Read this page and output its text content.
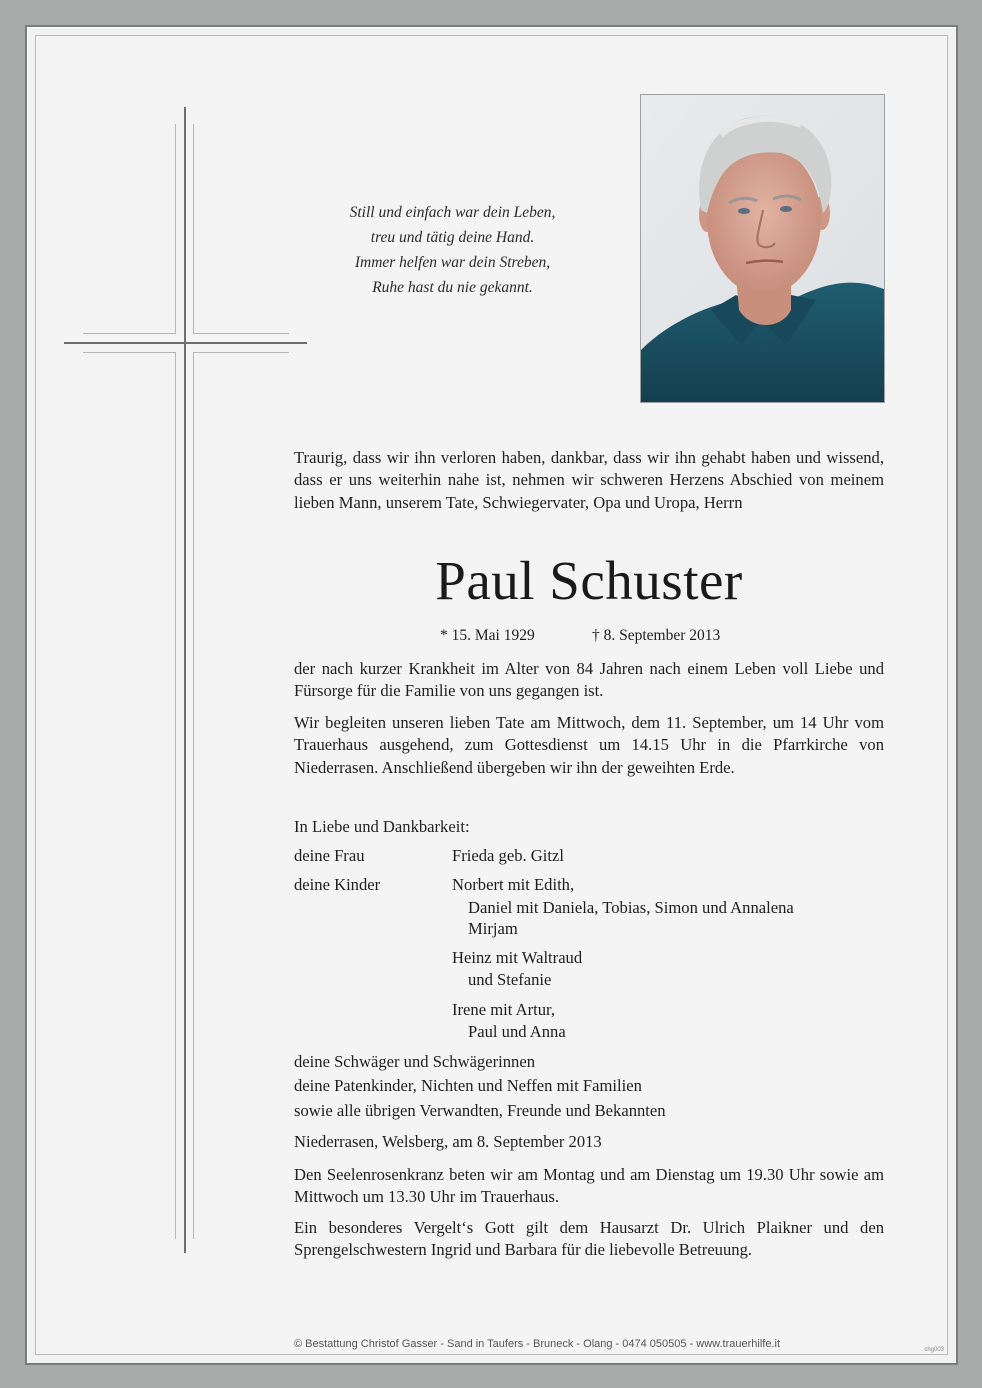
Still und einfach war dein Leben,
treu und tätig deine Hand.
Immer helfen war dein Streben,
Ruhe hast du nie gekannt.
Traurig, dass wir ihn verloren haben, dankbar, dass wir ihn gehabt haben und wissend, dass er uns weiterhin nahe ist, nehmen wir schweren Herzens Abschied von meinem lieben Mann, unserem Tate, Schwiegervater, Opa und Uropa, Herrn
Paul Schuster
* 15. Mai 1929	† 8. September 2013
der nach kurzer Krankheit im Alter von 84 Jahren nach einem Leben voll Liebe und Fürsorge für die Familie von uns gegangen ist.
Wir begleiten unseren lieben Tate am Mittwoch, dem 11. September, um 14 Uhr vom Trauerhaus ausgehend, zum Gottesdienst um 14.15 Uhr in die Pfarrkirche von Niederrasen. Anschließend übergeben wir ihn der geweihten Erde.
In Liebe und Dankbarkeit:
deine Frau	Frieda geb. Gitzl
deine Kinder	Norbert mit Edith,
Daniel mit Daniela, Tobias, Simon und Annalena
Mirjam
Heinz mit Waltraud
und Stefanie
Irene mit Artur,
Paul und Anna
deine Schwäger und Schwägerinnen
deine Patenkinder, Nichten und Neffen mit Familien
sowie alle übrigen Verwandten, Freunde und Bekannten
Niederrasen, Welsberg, am 8. September 2013
Den Seelenrosenkranz beten wir am Montag und am Dienstag um 19.30 Uhr sowie am Mittwoch um 13.30 Uhr im Trauerhaus.
Ein besonderes Vergelt‘s Gott gilt dem Hausarzt Dr. Ulrich Plaikner und den Sprengelschwestern Ingrid und Barbara für die liebevolle Betreuung.
© Bestattung Christof Gasser - Sand in Taufers - Bruneck - Olang - 0474 050505 - www.trauerhilfe.it	chg003
